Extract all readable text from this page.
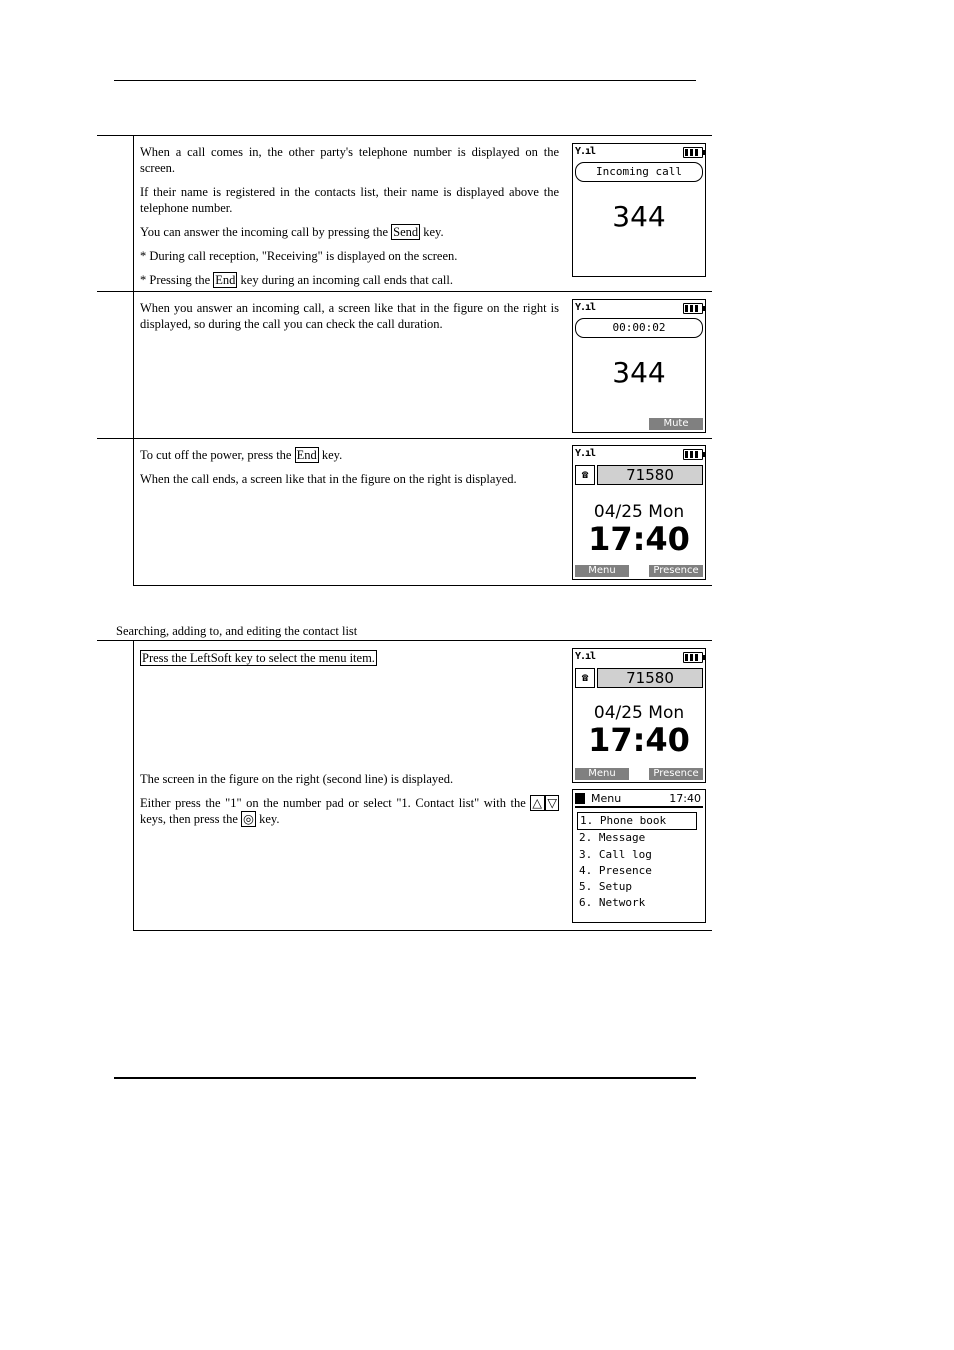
When a call comes in, the other party's telephone number is displayed on the screen.

If their name is registered in the contacts list, their name is displayed above the telephone number.

You can answer the incoming call by pressing the Send key.

* During call reception, "Receiving" is displayed on the screen.

* Pressing the End key during an incoming call ends that call.

When you answer an incoming call, a screen like that in the figure on the right is displayed, so during the call you can check the call duration.

To cut off the power, press the End key.

When the call ends, a screen like that in the figure on the right is displayed.

Y.ıl
Incoming call
344
Y.ıl
00:00:02
344
Mute
Y.ıl
☎	71580
04/25 Mon
17:40
Menu	Presence
Searching, adding to, and editing the contact list
Press the LeftSoft key to select the menu item.

The screen in the figure on the right (second line) is displayed.

Either press the "1" on the number pad or select "1. Contact list" with the △ ▽ keys, then press the ◎ key.

Y.ıl
☎	71580
04/25 Mon
17:40
Menu	Presence
Menu	17:40
1. Phone book
2. Message
3. Call log
4. Presence
5. Setup
6. Network
